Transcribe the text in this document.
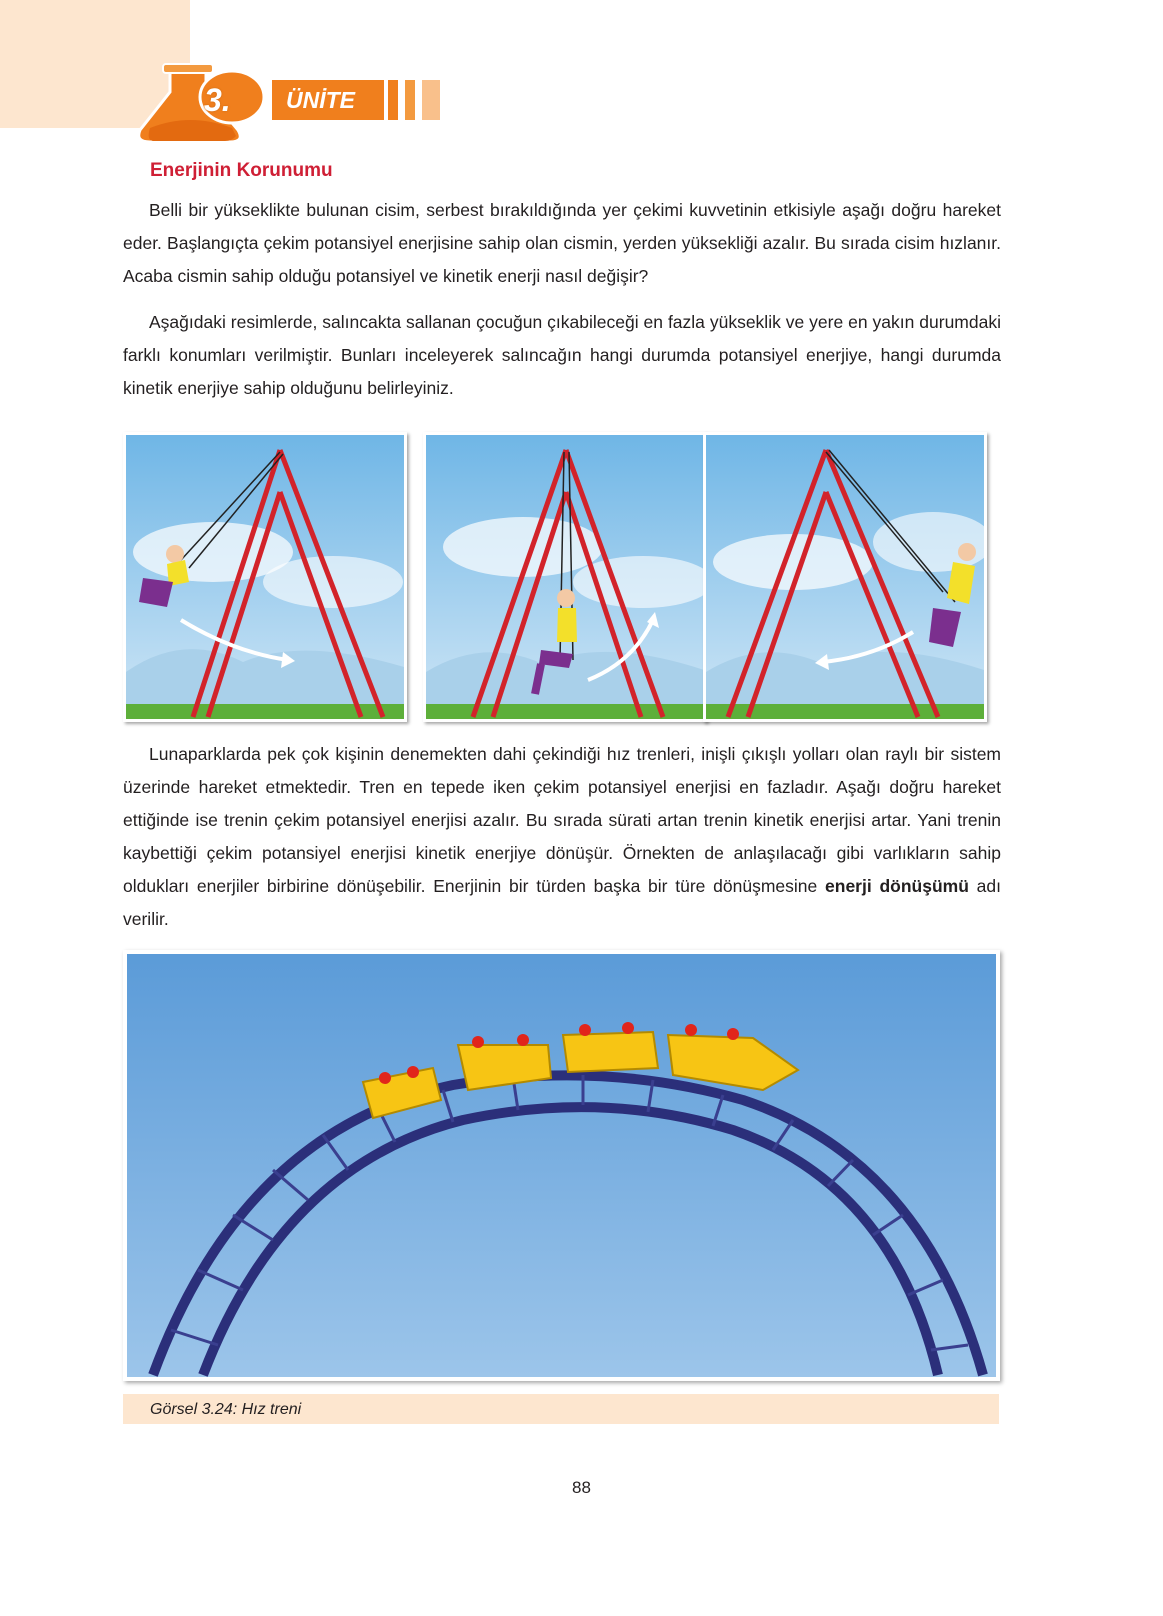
3.	ÜNİTE
Enerjinin Korunumu

Belli bir yükseklikte bulunan cisim, serbest bırakıldığında yer çekimi kuvvetinin etkisiyle aşağı doğru hareket eder. Başlangıçta çekim potansiyel enerjisine sahip olan cismin, yerden yüksekliği azalır. Bu sırada cisim hızlanır. Acaba cismin sahip olduğu potansiyel ve kinetik enerji nasıl değişir?

Aşağıdaki resimlerde, salıncakta sallanan çocuğun çıkabileceği en fazla yükseklik ve yere en yakın durumdaki farklı konumları verilmiştir. Bunları inceleyerek salıncağın hangi durumda potansiyel enerjiye, hangi durumda kinetik enerjiye sahip olduğunu belirleyiniz.

Lunaparklarda pek çok kişinin denemekten dahi çekindiği hız trenleri, inişli çıkışlı yolları olan raylı bir sistem üzerinde hareket etmektedir. Tren en tepede iken çekim potansiyel enerjisi en fazladır. Aşağı doğru hareket ettiğinde ise trenin çekim potansiyel enerjisi azalır. Bu sırada sürati artan trenin kinetik enerjisi artar. Yani trenin kaybettiği çekim potansiyel enerjisi kinetik enerjiye dönüşür. Örnekten de anlaşılacağı gibi varlıkların sahip oldukları enerjiler birbirine dönüşebilir. Enerjinin bir türden başka bir türe dönüşmesine enerji dönüşümü adı verilir.

Görsel 3.24: Hız treni

88
